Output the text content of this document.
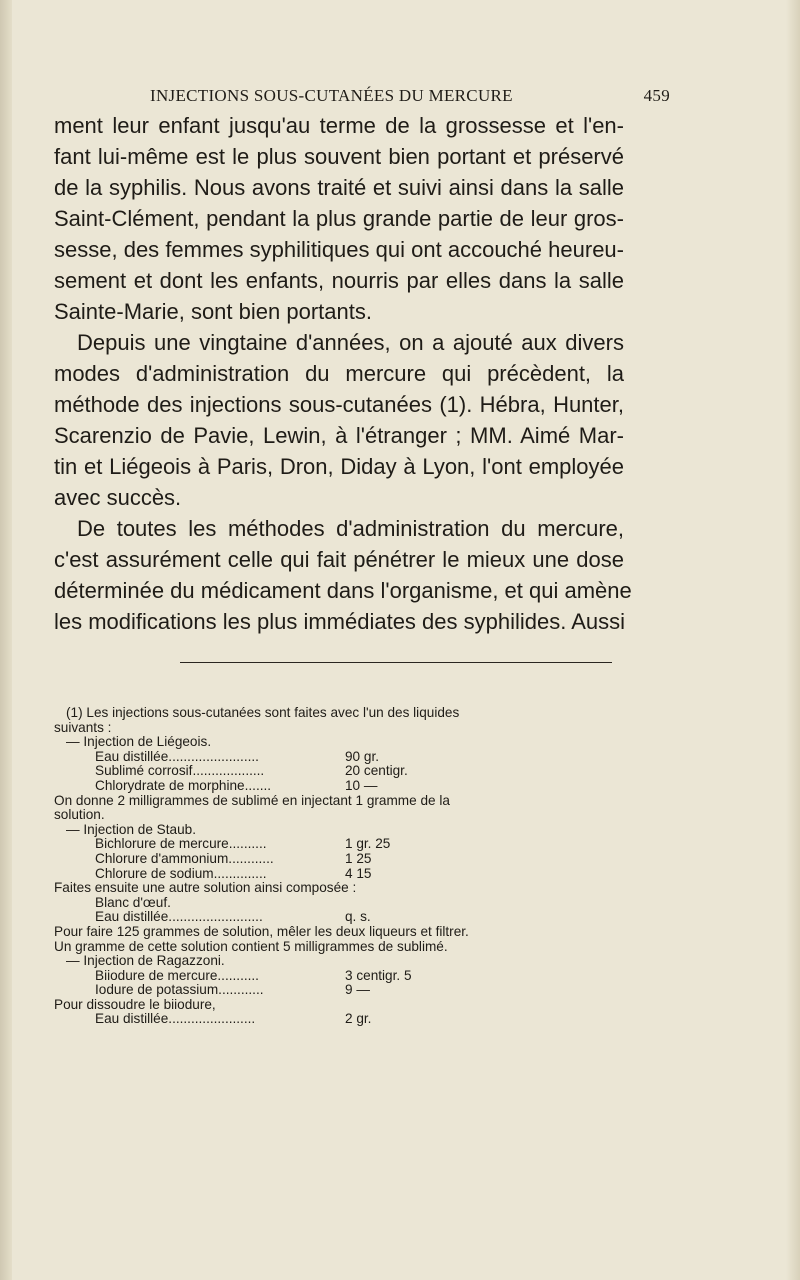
INJECTIONS SOUS-CUTANÉES DU MERCURE	459
ment leur enfant jusqu'au terme de la grossesse et l'en-
fant lui-même est le plus souvent bien portant et préservé
de la syphilis. Nous avons traité et suivi ainsi dans la salle
Saint-Clément, pendant la plus grande partie de leur gros-
sesse, des femmes syphilitiques qui ont accouché heureu-
sement et dont les enfants, nourris par elles dans la salle
Sainte-Marie, sont bien portants.
Depuis une vingtaine d'années, on a ajouté aux divers
modes d'administration du mercure qui précèdent, la
méthode des injections sous-cutanées (1). Hébra, Hunter,
Scarenzio de Pavie, Lewin, à l'étranger ; MM. Aimé Mar-
tin et Liégeois à Paris, Dron, Diday à Lyon, l'ont employée
avec succès.
De toutes les méthodes d'administration du mercure,
c'est assurément celle qui fait pénétrer le mieux une dose
déterminée du médicament dans l'organisme, et qui amène
les modifications les plus immédiates des syphilides. Aussi
(1) Les injections sous-cutanées sont faites avec l'un des liquides
suivants :
— Injection de Liégeois.
Eau distillée........................	90 gr.
Sublimé corrosif...................	20 centigr.
Chlorydrate de morphine.......	10 —
On donne 2 milligrammes de sublimé en injectant 1 gramme de la
solution.
— Injection de Staub.
Bichlorure de mercure..........	1 gr. 25
Chlorure d'ammonium............	1 25
Chlorure de sodium..............	4 15
Faites ensuite une autre solution ainsi composée :
Blanc d'œuf.
Eau distillée.........................	q. s.
Pour faire 125 grammes de solution, mêler les deux liqueurs et filtrer.
Un gramme de cette solution contient 5 milligrammes de sublimé.
— Injection de Ragazzoni.
Biiodure de mercure...........	3 centigr. 5
Iodure de potassium............	9 —
Pour dissoudre le biiodure,
Eau distillée.......................	2 gr.
